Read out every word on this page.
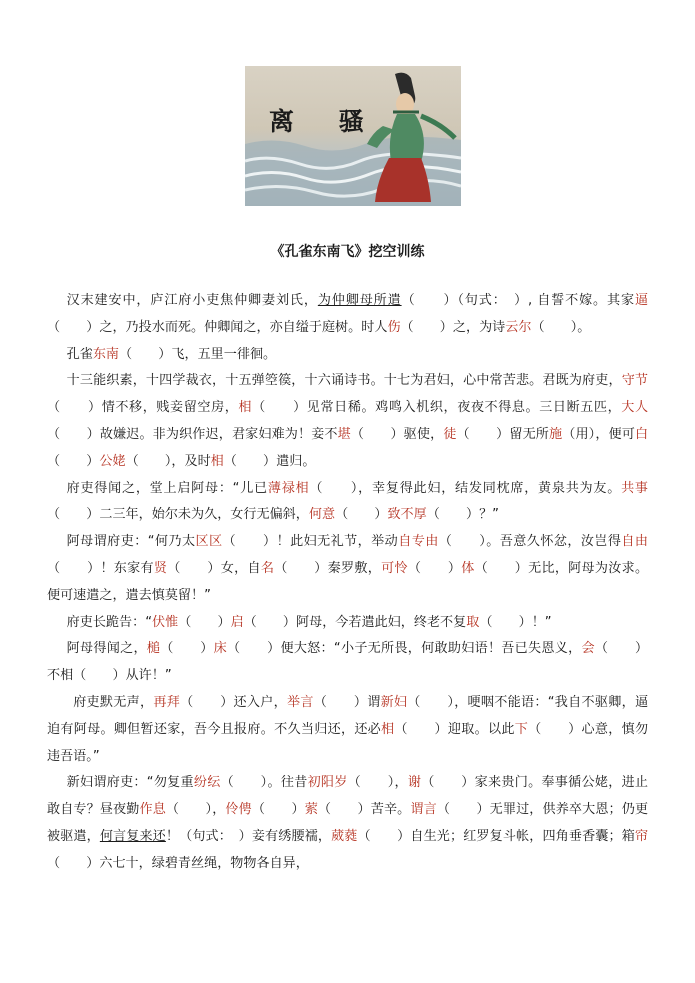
离 骚
《孔雀东南飞》挖空训练

汉末建安中，庐江府小吏焦仲卿妻刘氏，为仲卿母所遣（　　）（句式：　）, 自誓不嫁。其家逼（　　）之，乃投水而死。仲卿闻之，亦自缢于庭树。时人伤（　　）之，为诗云尔（　　）。

孔雀东南（　　）飞，五里一徘徊。

十三能织素，十四学裁衣，十五弹箜篌，十六诵诗书。十七为君妇，心中常苦悲。君既为府吏，守节（　　）情不移，贱妾留空房，相（　　）见常日稀。鸡鸣入机织，夜夜不得息。三日断五匹，大人（　　）故嫌迟。非为织作迟，君家妇难为！妾不堪（　　）驱使，徒（　　）留无所施（用），便可白（　　）公姥（　　），及时相（　　）遣归。

府吏得闻之，堂上启阿母：“儿已薄禄相（　　），幸复得此妇，结发同枕席，黄泉共为友。共事（　　）二三年，始尔未为久，女行无偏斜，何意（　　）致不厚（　　）？”

阿母谓府吏：“何乃太区区（　　）！此妇无礼节，举动自专由（　　）。吾意久怀忿，汝岂得自由（　　）！东家有贤（　　）女，自名（　　）秦罗敷，可怜（　　）体（　　）无比，阿母为汝求。便可速遣之，遣去慎莫留！”

府吏长跪告：“伏惟（　　）启（　　）阿母，今若遣此妇，终老不复取（　　）！”

阿母得闻之，槌（　　）床（　　）便大怒：“小子无所畏，何敢助妇语！吾已失恩义，会（　　）不相（　　）从许！”

府吏默无声，再拜（　　）还入户，举言（　　）谓新妇（　　），哽咽不能语：“我自不驱卿，逼迫有阿母。卿但暂还家，吾今且报府。不久当归还，还必相（　　）迎取。以此下（　　）心意，慎勿违吾语。”

新妇谓府吏：“勿复重纷纭（　　）。往昔初阳岁（　　），谢（　　）家来贵门。奉事循公姥，进止敢自专？昼夜勤作息（　　），伶俜（　　）萦（　　）苦辛。谓言（　　）无罪过，供养卒大恩；仍更被驱遣，何言复来还！（句式：　）妾有绣腰襦，葳蕤（　　）自生光；红罗复斗帐，四角垂香囊；箱帘（　　）六七十，绿碧青丝绳，物物各自异，
